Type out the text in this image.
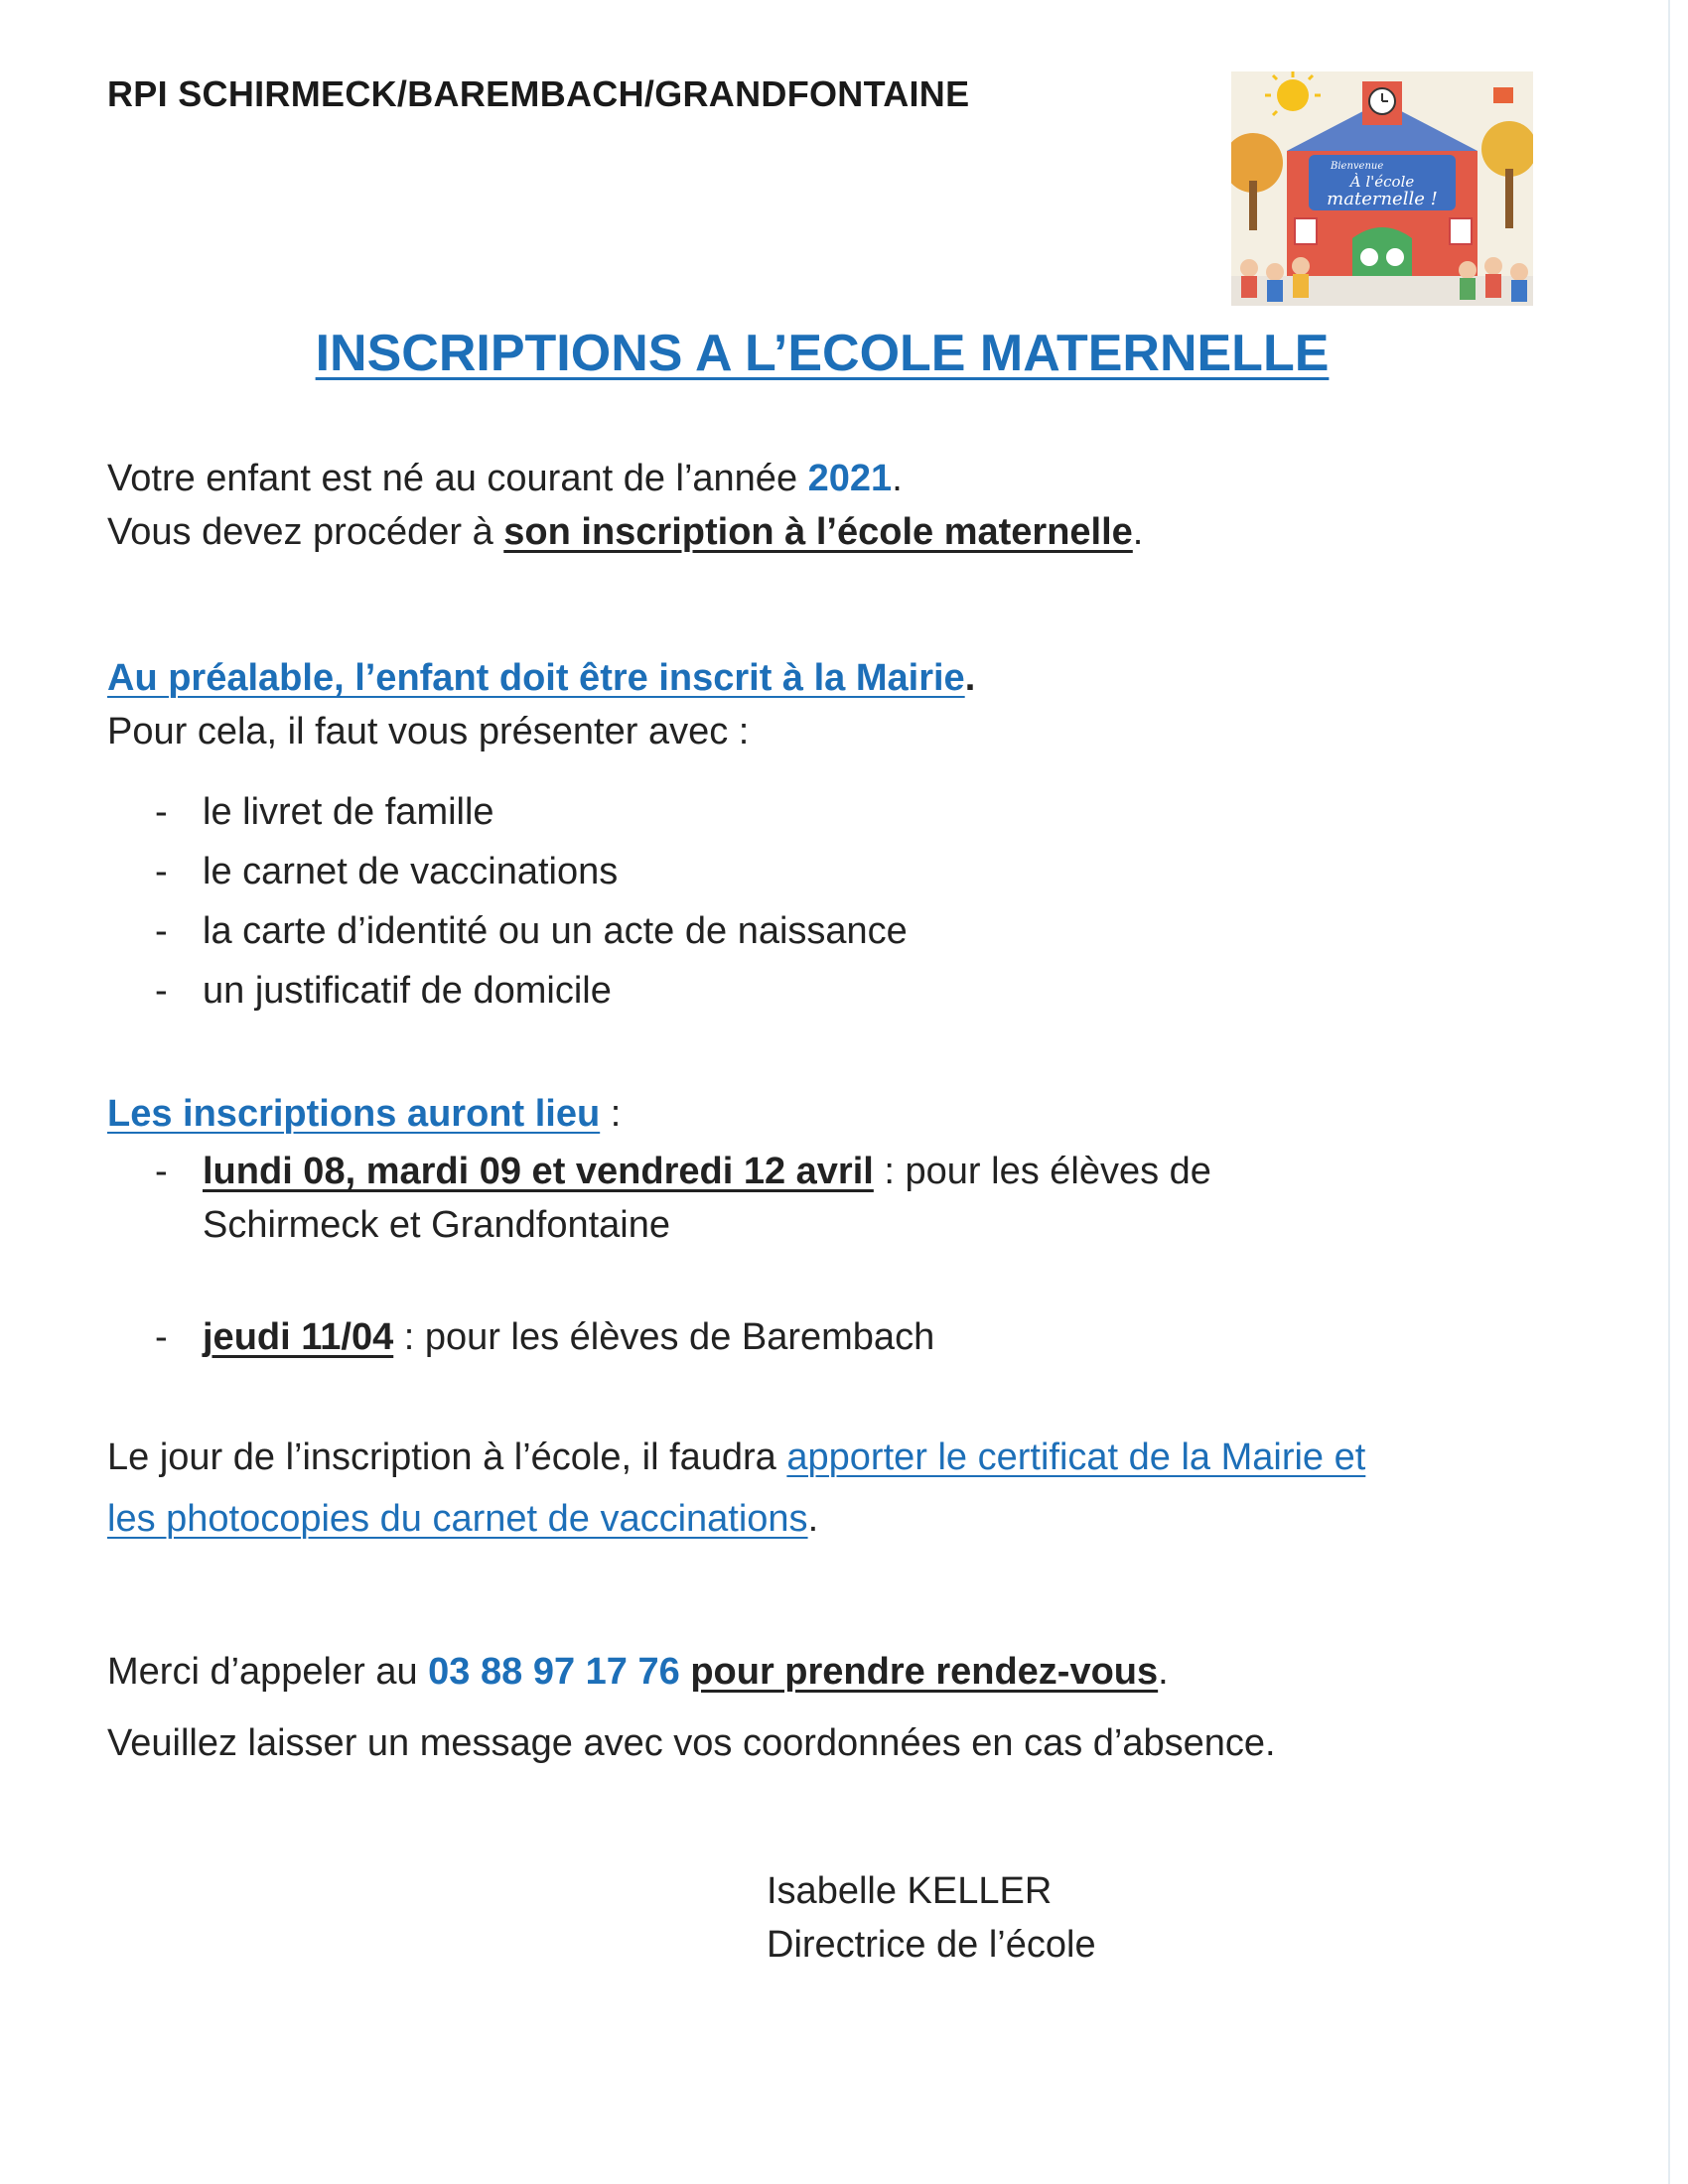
RPI SCHIRMECK/BAREMBACH/GRANDFONTAINE
Bienvenue
À l'école
maternelle !
INSCRIPTIONS A L’ECOLE MATERNELLE
Votre enfant est né au courant de l’année 2021.
Vous devez procéder à son inscription à l’école maternelle.
Au préalable, l’enfant doit être inscrit à la Mairie.
Pour cela, il faut vous présenter avec :
- le livret de famille
- le carnet de vaccinations
- la carte d’identité ou un acte de naissance
- un justificatif de domicile
Les inscriptions auront lieu :
- lundi 08, mardi 09 et vendredi 12 avril : pour les élèves de
Schirmeck et Grandfontaine
- jeudi 11/04 : pour les élèves de Barembach
Le jour de l’inscription à l’école, il faudra apporter le certificat de la Mairie et
les photocopies du carnet de vaccinations.
Merci d’appeler au 03 88 97 17 76 pour prendre rendez-vous.
Veuillez laisser un message avec vos coordonnées en cas d’absence.
Isabelle KELLER
Directrice de l’école
